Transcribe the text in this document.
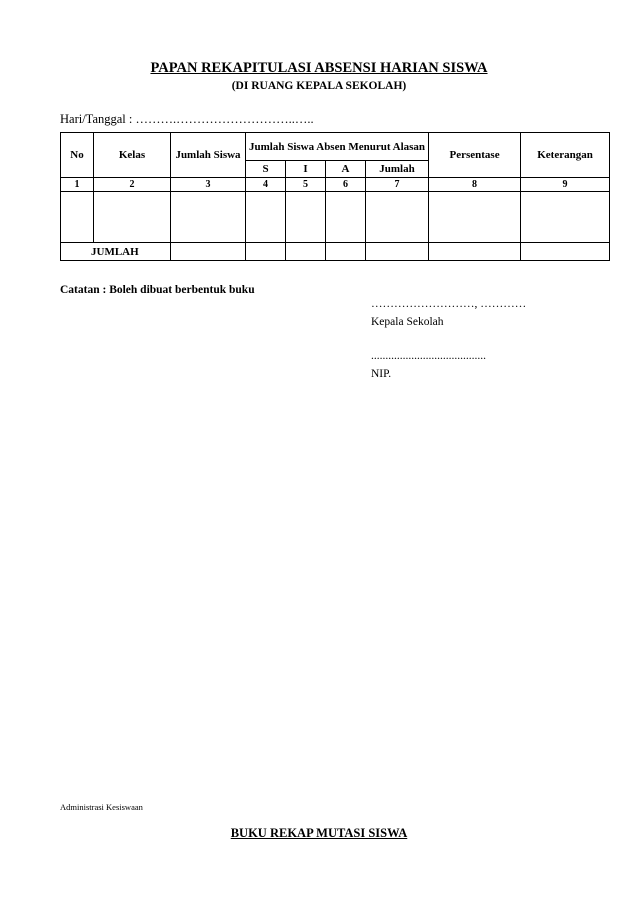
PAPAN REKAPITULASI ABSENSI HARIAN SISWA
(DI RUANG KEPALA SEKOLAH)
Hari/Tanggal : ……….………………………..…..
No	Kelas	Jumlah Siswa	Jumlah Siswa Absen Menurut Alasan				Persentase	Keterangan
			S	I	A	Jumlah		
1	2	3	4	5	6	7	8	9

JUMLAH								
Catatan : Boleh dibuat berbentuk buku
………………………, …………
Kepala Sekolah
........................................
NIP.
Administrasi Kesiswaan
BUKU REKAP MUTASI SISWA
